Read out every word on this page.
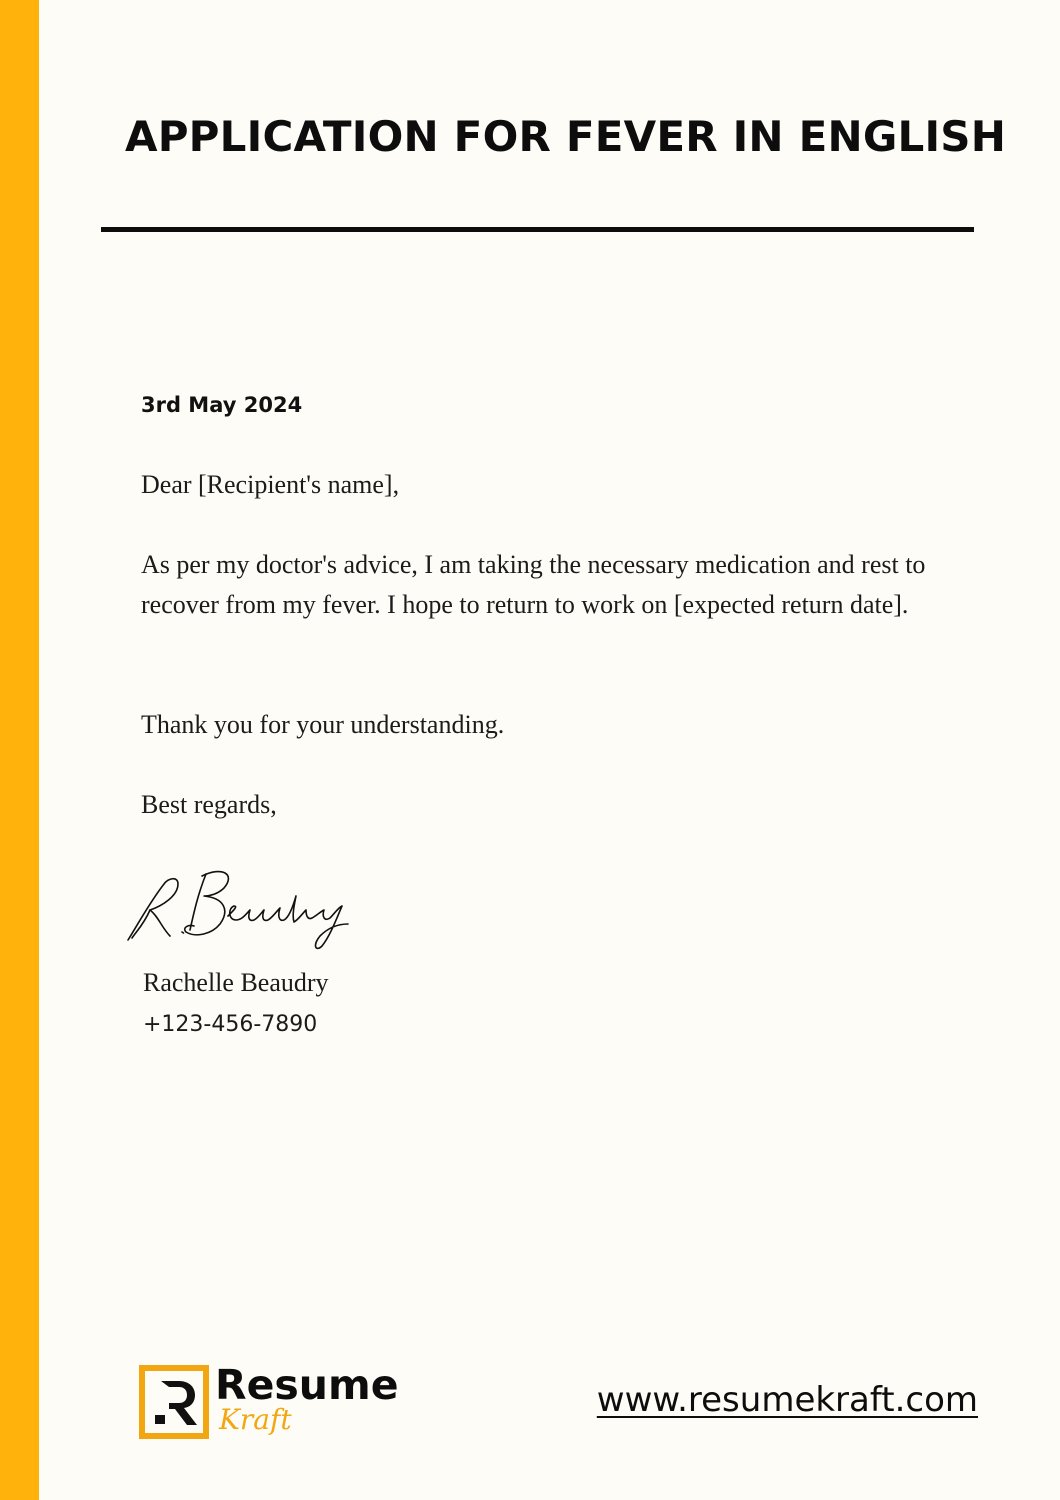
APPLICATION FOR FEVER IN ENGLISH
3rd May 2024

Dear [Recipient's name],

As per my doctor's advice, I am taking the necessary medication and rest to recover from my fever. I hope to return to work on [expected return date].

Thank you for your understanding.

Best regards,

Rachelle Beaudry
+123-456-7890
Resume
Kraft	www.resumekraft.com
